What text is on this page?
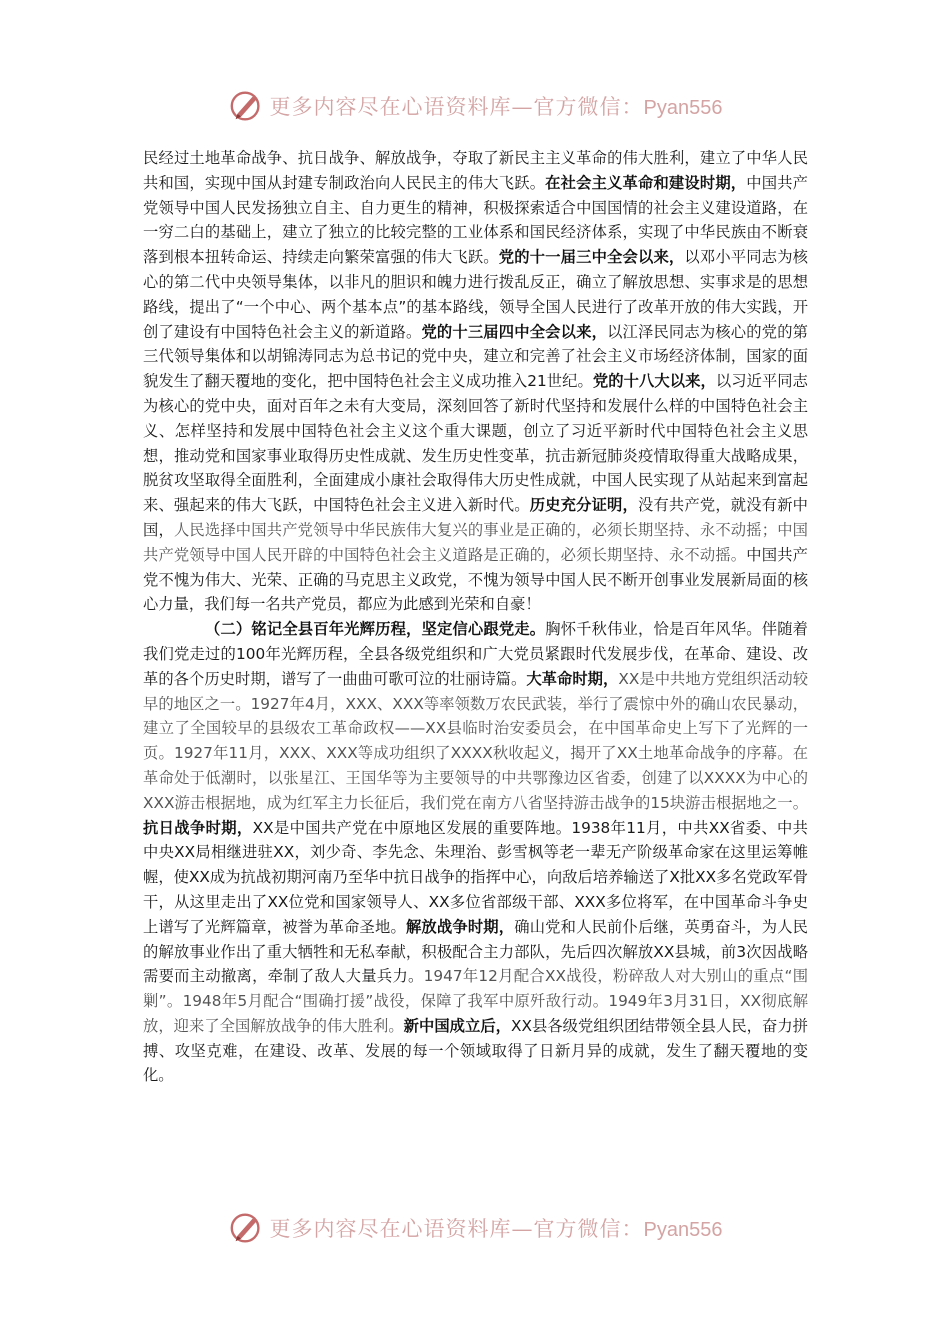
更多内容尽在心语资料库—官方微信：Pyan556

民经过土地革命战争、抗日战争、解放战争，夺取了新民主主义革命的伟大胜利，建立了中华人民共和国，实现中国从封建专制政治向人民民主的伟大飞跃。在社会主义革命和建设时期，中国共产党领导中国人民发扬独立自主、自力更生的精神，积极探索适合中国国情的社会主义建设道路，在一穷二白的基础上，建立了独立的比较完整的工业体系和国民经济体系，实现了中华民族由不断衰落到根本扭转命运、持续走向繁荣富强的伟大飞跃。党的十一届三中全会以来，以邓小平同志为核心的第二代中央领导集体，以非凡的胆识和魄力进行拨乱反正，确立了解放思想、实事求是的思想路线，提出了“一个中心、两个基本点”的基本路线，领导全国人民进行了改革开放的伟大实践，开创了建设有中国特色社会主义的新道路。党的十三届四中全会以来，以江泽民同志为核心的党的第三代领导集体和以胡锦涛同志为总书记的党中央，建立和完善了社会主义市场经济体制，国家的面貌发生了翻天覆地的变化，把中国特色社会主义成功推入21世纪。党的十八大以来，以习近平同志为核心的党中央，面对百年之未有大变局，深刻回答了新时代坚持和发展什么样的中国特色社会主义、怎样坚持和发展中国特色社会主义这个重大课题，创立了习近平新时代中国特色社会主义思想，推动党和国家事业取得历史性成就、发生历史性变革，抗击新冠肺炎疫情取得重大战略成果，脱贫攻坚取得全面胜利，全面建成小康社会取得伟大历史性成就，中国人民实现了从站起来到富起来、强起来的伟大飞跃，中国特色社会主义进入新时代。历史充分证明，没有共产党，就没有新中国，人民选择中国共产党领导中华民族伟大复兴的事业是正确的，必须长期坚持、永不动摇；中国共产党领导中国人民开辟的中国特色社会主义道路是正确的，必须长期坚持、永不动摇。中国共产党不愧为伟大、光荣、正确的马克思主义政党，不愧为领导中国人民不断开创事业发展新局面的核心力量，我们每一名共产党员，都应为此感到光荣和自豪！

（二）铭记全县百年光辉历程，坚定信心跟党走。胸怀千秋伟业，恰是百年风华。伴随着我们党走过的100年光辉历程，全县各级党组织和广大党员紧跟时代发展步伐，在革命、建设、改革的各个历史时期，谱写了一曲曲可歌可泣的壮丽诗篇。大革命时期，XX是中共地方党组织活动较早的地区之一。1927年4月，XXX、XXX等率领数万农民武装，举行了震惊中外的确山农民暴动，建立了全国较早的县级农工革命政权——XX县临时治安委员会，在中国革命史上写下了光辉的一页。1927年11月，XXX、XXX等成功组织了XXXX秋收起义，揭开了XX土地革命战争的序幕。在革命处于低潮时，以张星江、王国华等为主要领导的中共鄂豫边区省委，创建了以XXXX为中心的XXX游击根据地，成为红军主力长征后，我们党在南方八省坚持游击战争的15块游击根据地之一。抗日战争时期，XX是中国共产党在中原地区发展的重要阵地。1938年11月，中共XX省委、中共中央XX局相继进驻XX，刘少奇、李先念、朱理治、彭雪枫等老一辈无产阶级革命家在这里运筹帷幄，使XX成为抗战初期河南乃至华中抗日战争的指挥中心，向敌后培养输送了X批XX多名党政军骨干，从这里走出了XX位党和国家领导人、XX多位省部级干部、XXX多位将军，在中国革命斗争史上谱写了光辉篇章，被誉为革命圣地。解放战争时期，确山党和人民前仆后继，英勇奋斗，为人民的解放事业作出了重大牺牲和无私奉献，积极配合主力部队，先后四次解放XX县城，前3次因战略需要而主动撤离，牵制了敌人大量兵力。1947年12月配合XX战役，粉碎敌人对大别山的重点“围剿”。1948年5月配合“围确打援”战役，保障了我军中原歼敌行动。1949年3月31日，XX彻底解放，迎来了全国解放战争的伟大胜利。新中国成立后，XX县各级党组织团结带领全县人民，奋力拼搏、攻坚克难，在建设、改革、发展的每一个领域取得了日新月异的成就，发生了翻天覆地的变化。

更多内容尽在心语资料库—官方微信：Pyan556
